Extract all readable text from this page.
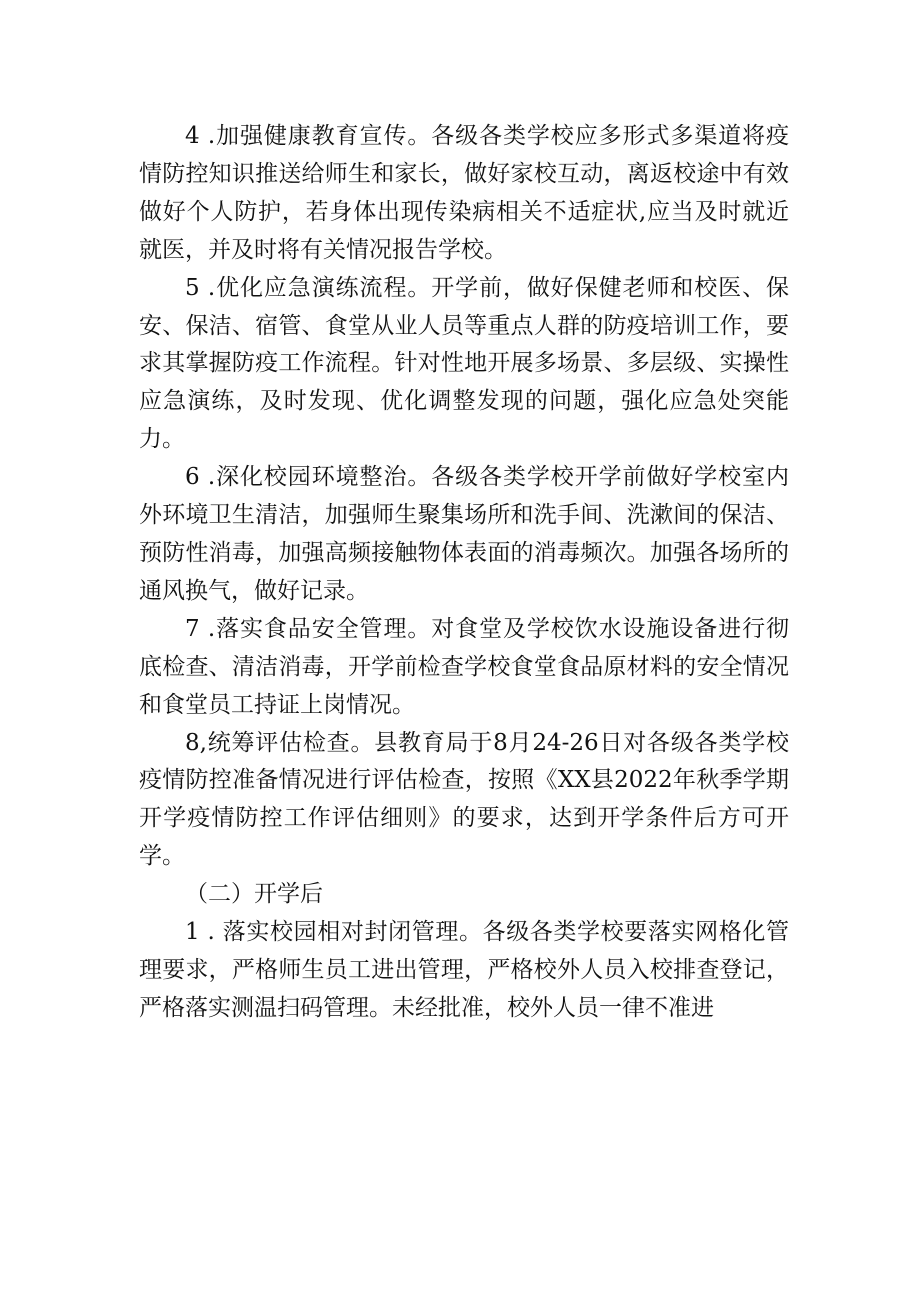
4 .加强健康教育宣传。各级各类学校应多形式多渠道将疫情防控知识推送给师生和家长，做好家校互动，离返校途中有效做好个人防护，若身体出现传染病相关不适症状,应当及时就近就医，并及时将有关情况报告学校。

5 .优化应急演练流程。开学前，做好保健老师和校医、保安、保洁、宿管、食堂从业人员等重点人群的防疫培训工作，要求其掌握防疫工作流程。针对性地开展多场景、多层级、实操性应急演练，及时发现、优化调整发现的问题，强化应急处突能力。

6 .深化校园环境整治。各级各类学校开学前做好学校室内外环境卫生清洁，加强师生聚集场所和洗手间、洗漱间的保洁、预防性消毒，加强高频接触物体表面的消毒频次。加强各场所的通风换气，做好记录。

7 .落实食品安全管理。对食堂及学校饮水设施设备进行彻底检查、清洁消毒，开学前检查学校食堂食品原材料的安全情况和食堂员工持证上岗情况。

8,统筹评估检查。县教育局于8月24-26日对各级各类学校疫情防控准备情况进行评估检查，按照《XX县2022年秋季学期开学疫情防控工作评估细则》的要求，达到开学条件后方可开学。

（二）开学后

1 . 落实校园相对封闭管理。各级各类学校要落实网格化管理要求，严格师生员工进出管理，严格校外人员入校排查登记，严格落实测温扫码管理。未经批准，校外人员一律不准进
